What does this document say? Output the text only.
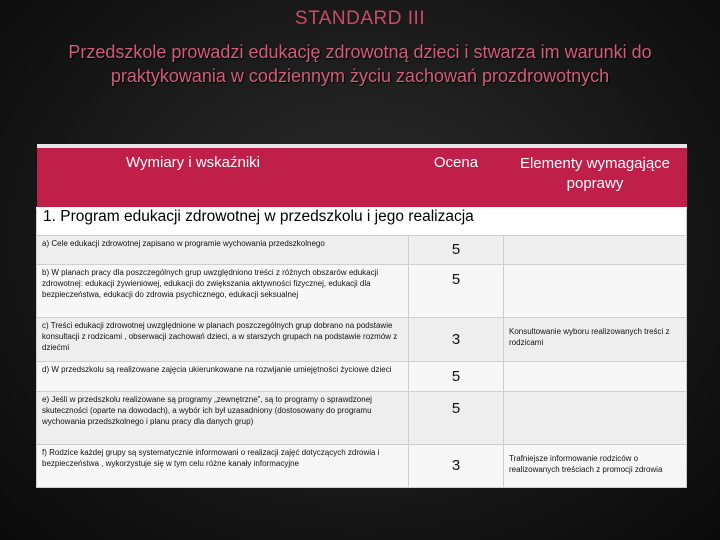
STANDARD III
Przedszkole prowadzi edukację zdrowotną dzieci i stwarza im warunki do praktykowania w codziennym życiu zachowań prozdrowotnych
Wymiary i wskaźniki	Ocena	Elementy wymagające poprawy
1. Program edukacji zdrowotnej w przedszkolu i jego realizacja		
a) Cele edukacji zdrowotnej zapisano w programie wychowania przedszkolnego	5	
b) W planach pracy dla poszczególnych grup uwzględniono treści z różnych obszarów edukacji zdrowotnej: edukacji żywieniowej, edukacji do zwiększania aktywności fizycznej, edukacji dla bezpieczeństwa, edukacji do zdrowia psychicznego, edukacji seksualnej	5	
c) Treści edukacji zdrowotnej uwzględnione w planach poszczególnych grup dobrano na podstawie konsultacji z rodzicami , obserwacji zachowań dzieci, a w starszych grupach na podstawie rozmów z dziećmi	3	Konsultowanie wyboru realizowanych treści z rodzicami
d) W przedszkolu są realizowane zajęcia ukierunkowane na rozwijanie umiejętności życiowe dzieci	5	
e) Jeśli w przedszkolu realizowane są programy „zewnętrzne”, są to programy o sprawdzonej skuteczności (oparte na dowodach), a wybór ich był uzasadniony (dostosowany do programu wychowania przedszkolnego i planu pracy dla danych grup)	5	
f) Rodzice każdej grupy są systematycznie informowani o realizacji zajęć dotyczących zdrowia i bezpieczeństwa , wykorzystuje się w tym celu różne kanały informacyjne	3	Trafniejsze informowanie rodziców o realizowanych treściach z promocji zdrowia
